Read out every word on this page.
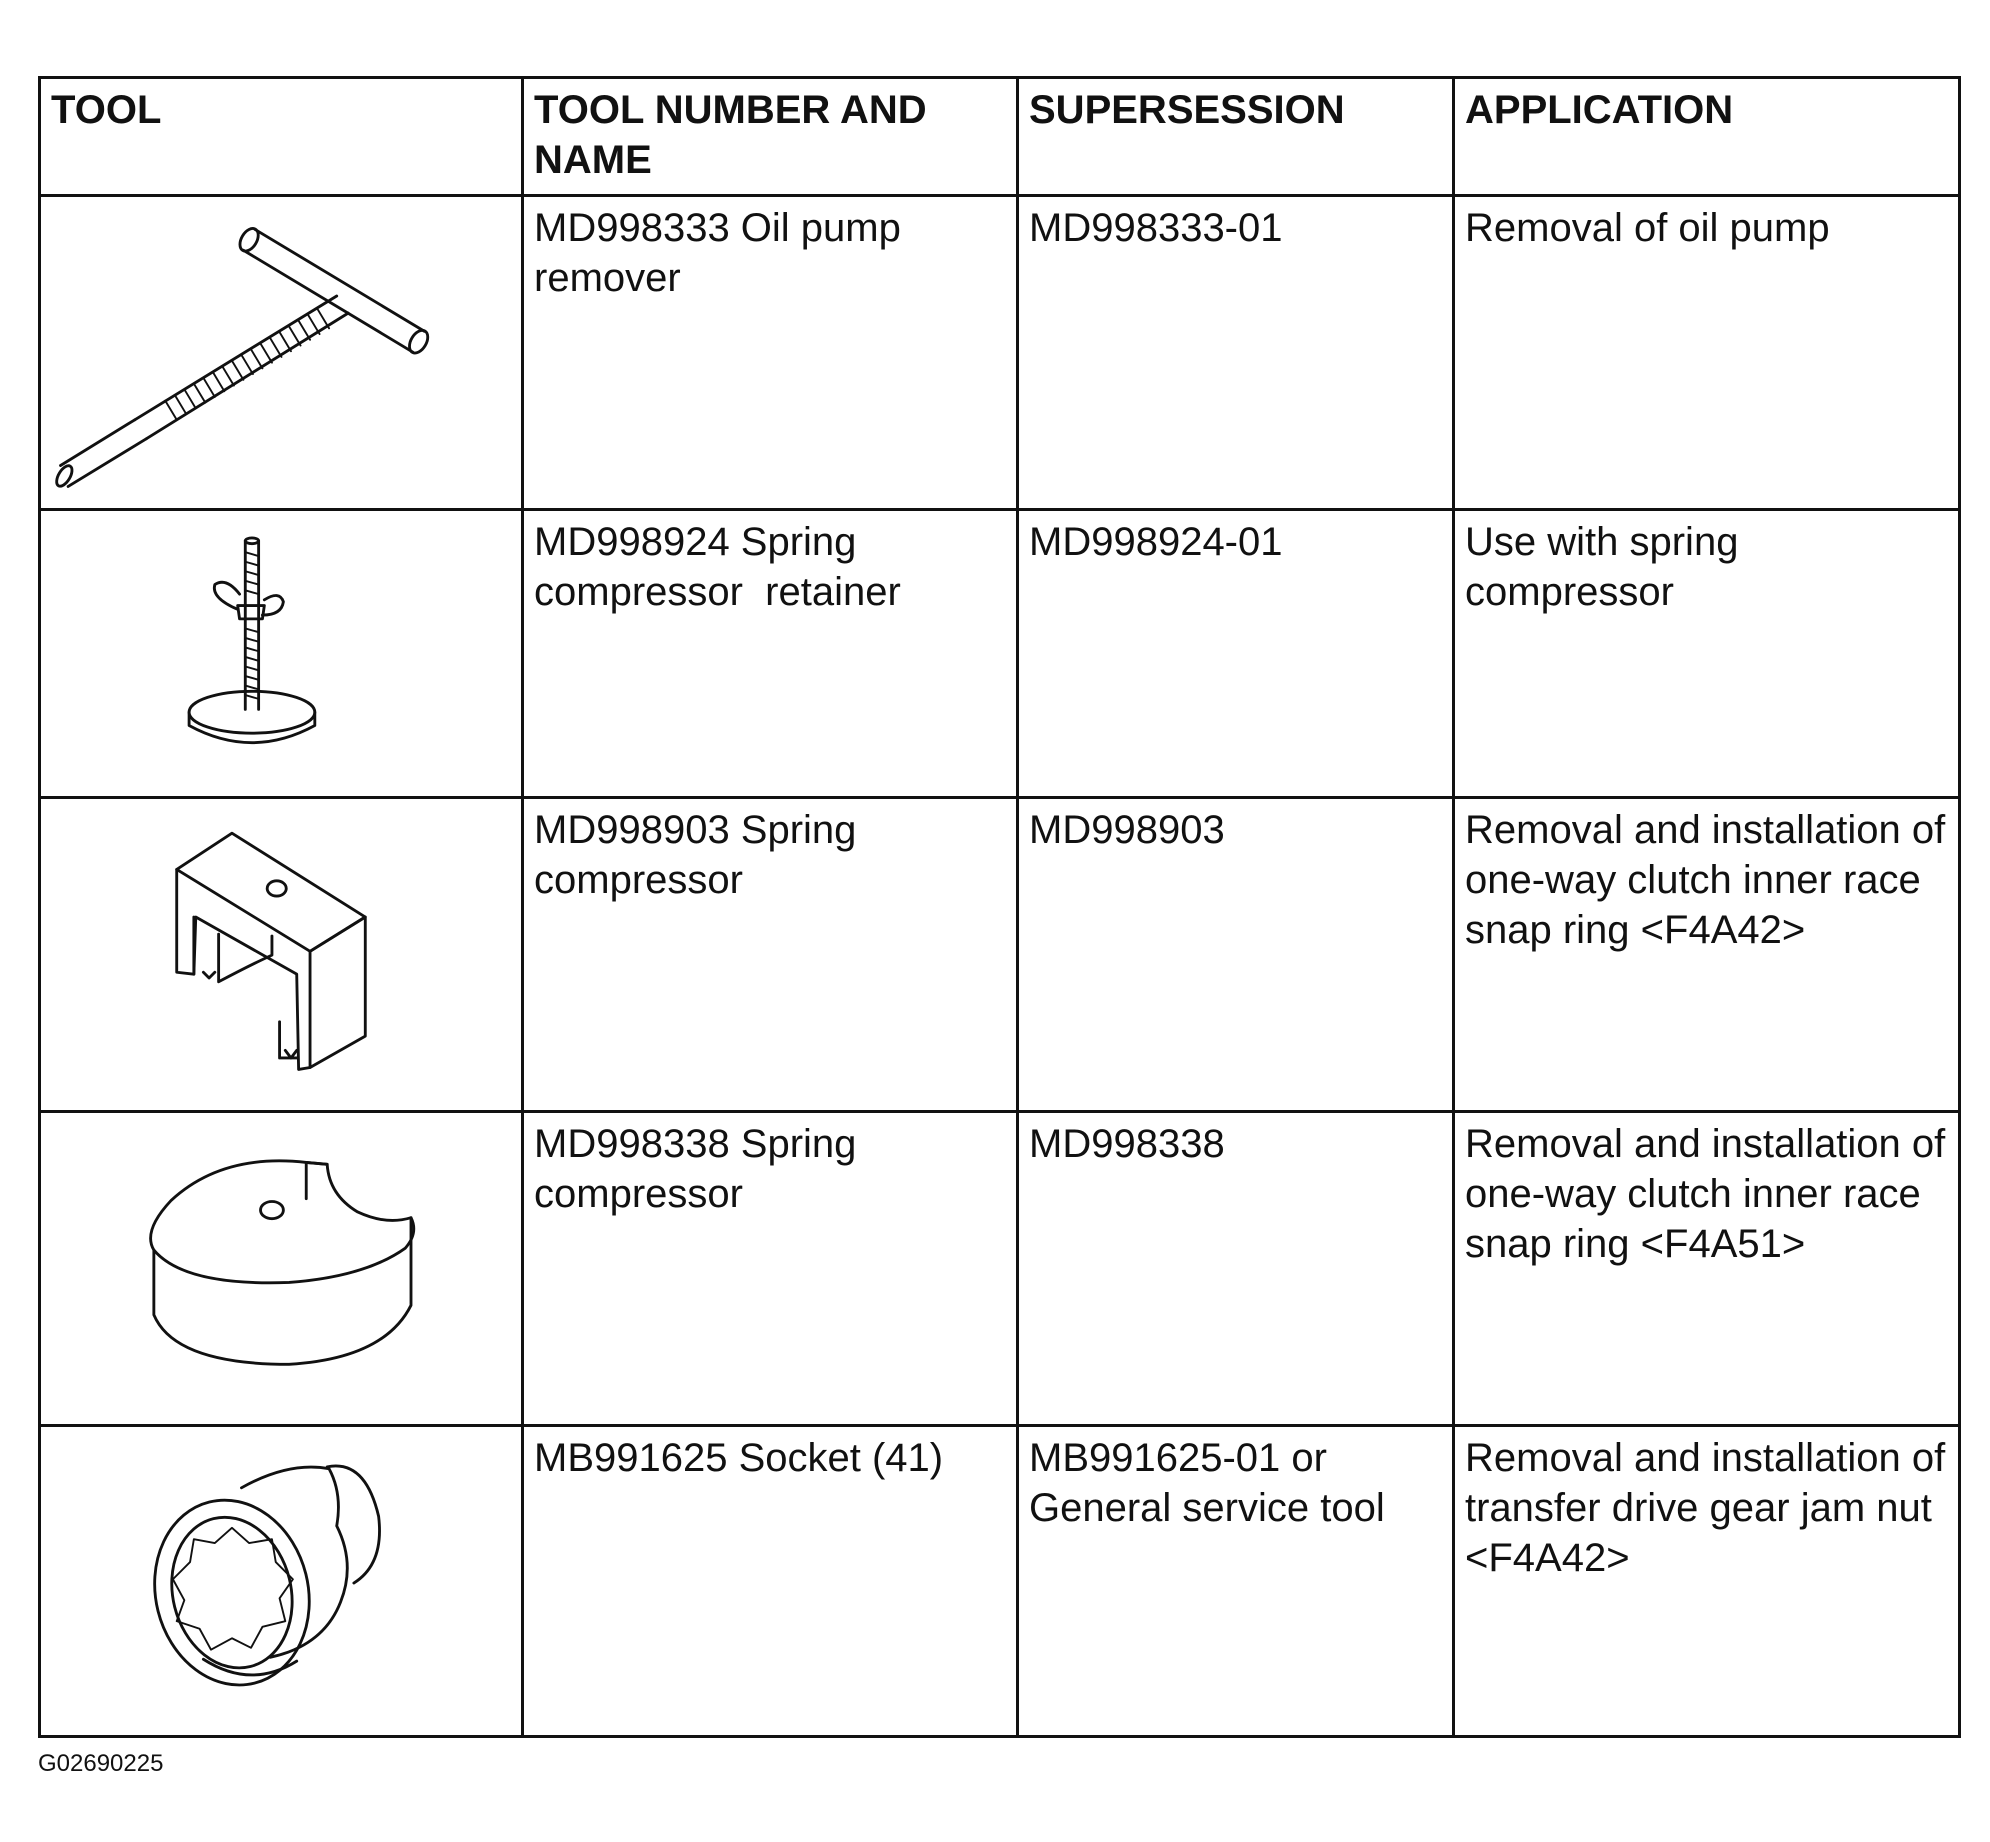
TOOL	TOOL NUMBER AND NAME	SUPERSESSION	APPLICATION

	MD998333 Oil pump remover	MD998333-01	Removal of oil pump

	MD998924 Spring compressor  retainer	MD998924-01	Use with spring compressor

	MD998903 Spring compressor	MD998903	Removal and installation of one-way clutch inner race snap ring <F4A42>

	MD998338 Spring compressor	MD998338	Removal and installation of one-way clutch inner race snap ring <F4A51>

	MB991625 Socket (41)	MB991625-01 or General service tool	Removal and installation of transfer drive gear jam nut <F4A42>
G02690225
